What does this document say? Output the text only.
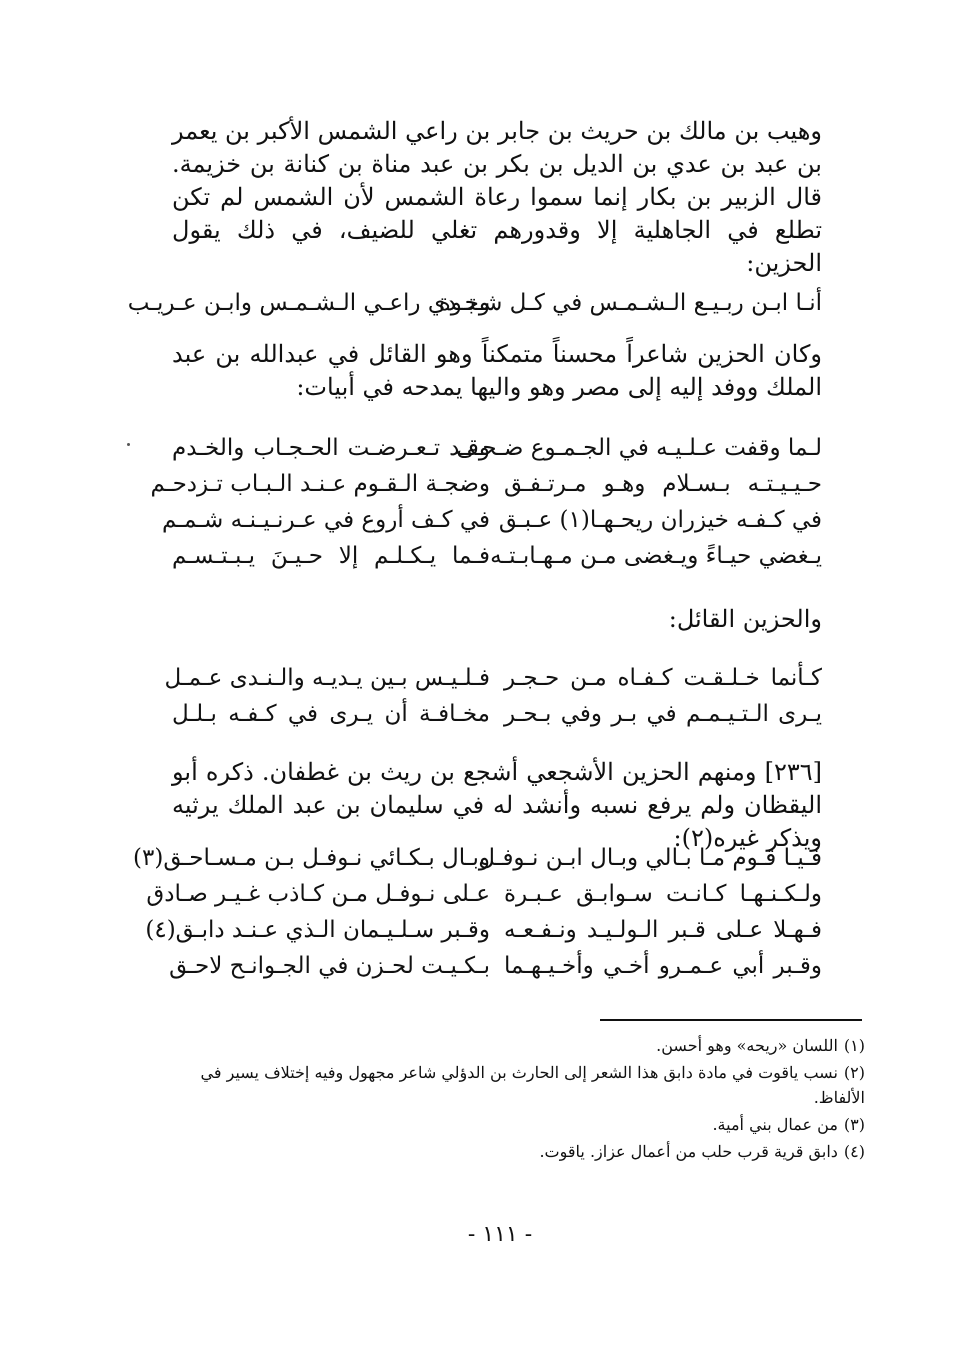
وهيب بن مالك بن حريث بن جابر بن راعي الشمس الأكبر بن يعمر بن عبد بن عدي بن الديل بن بكر بن عبد مناة بن كنانة بن خزيمة. قال الزبير بن بكار إنما سموا رعاة الشمس لأن الشمس لم تكن تطلع في الجاهلية إلا وقدورهم تغلي للضيف، في ذلك يقول الحزين:

أنـا ابـن ربـيـع الـشـمـس في كـل شـتـوة
وجـدي راعـي الـشـمـس وابـن عـريـب

وكان الحزين شاعراً محسناً متمكناً وهو القائل في عبدالله بن عبد الملك ووفد إليه إلى مصر وهو واليها يمدحه في أبيات:

لـما وقفت عـلـيـه في الجـمـوع ضـحـى
وقـد تـعـرضـت الحـجـاب والخـدم
حـيـيـتـه بـسـلام وهـو مـرتـفـق
وضجـة الـقـوم عـنـد الـبـاب تـزدحـم
في كـفـه خيزران ريحـهـا(١) عـبـق
في كـف أروع في عـرنـيـنـه شـمـم
يـغضي حيـاءً ويـغضى مـن مـهـابـتـه
فـما يـكـلـم إلا حـيـنَ يـبـتـسـم

والحزين القائل:

كـأنما خـلـقـت كـفـاه مـن حـجـر
فـلـيـس بـين يـديـه والـنـدى عـمـل
يـرى الـتـيـمـم في بـر وفي بـحـر
مخـافـة أن يـرى في كـفـه بـلـل

[٢٣٦] ومنهم الحزين الأشجعي أشجع بن ريث بن غطفان. ذكره أبو اليقظان ولم يرفع نسبه وأنشد له في سليمان بن عبد الملك يرثيه ويذكر غيره(٢):

فـيـا قـوم مـا بـالي وبـال ابـن نـوفـل
وبـال بـكـائي نـوفـل بـن مـسـاحـق(٣)
ولـكـنـهـا كـانـت سـوابـق عـبـرة
عـلى نـوفـل مـن كـاذب غـيـر صـادق
فـهـلا عـلى قـبر الـولـيـد ونـفـعـه
وقـبر سـلـيـمان الـذي عـنـد دابـق(٤)
وقـبر أبي عـمـرو أخـي وأخـيـهـما
بـكـيـت لحـزن في الجـوانـح لاحـق

(١)اللسان «ريحه» وهو أحسن.

(٢)نسب ياقوت في مادة دابق هذا الشعر إلى الحارث بن الدؤلي شاعر مجهول وفيه إختلاف يسير في الألفاظ.

(٣)من عمال بني أمية.

(٤)دابق قرية قرب حلب من أعمال عزاز. ياقوت.

- ١١١ -
